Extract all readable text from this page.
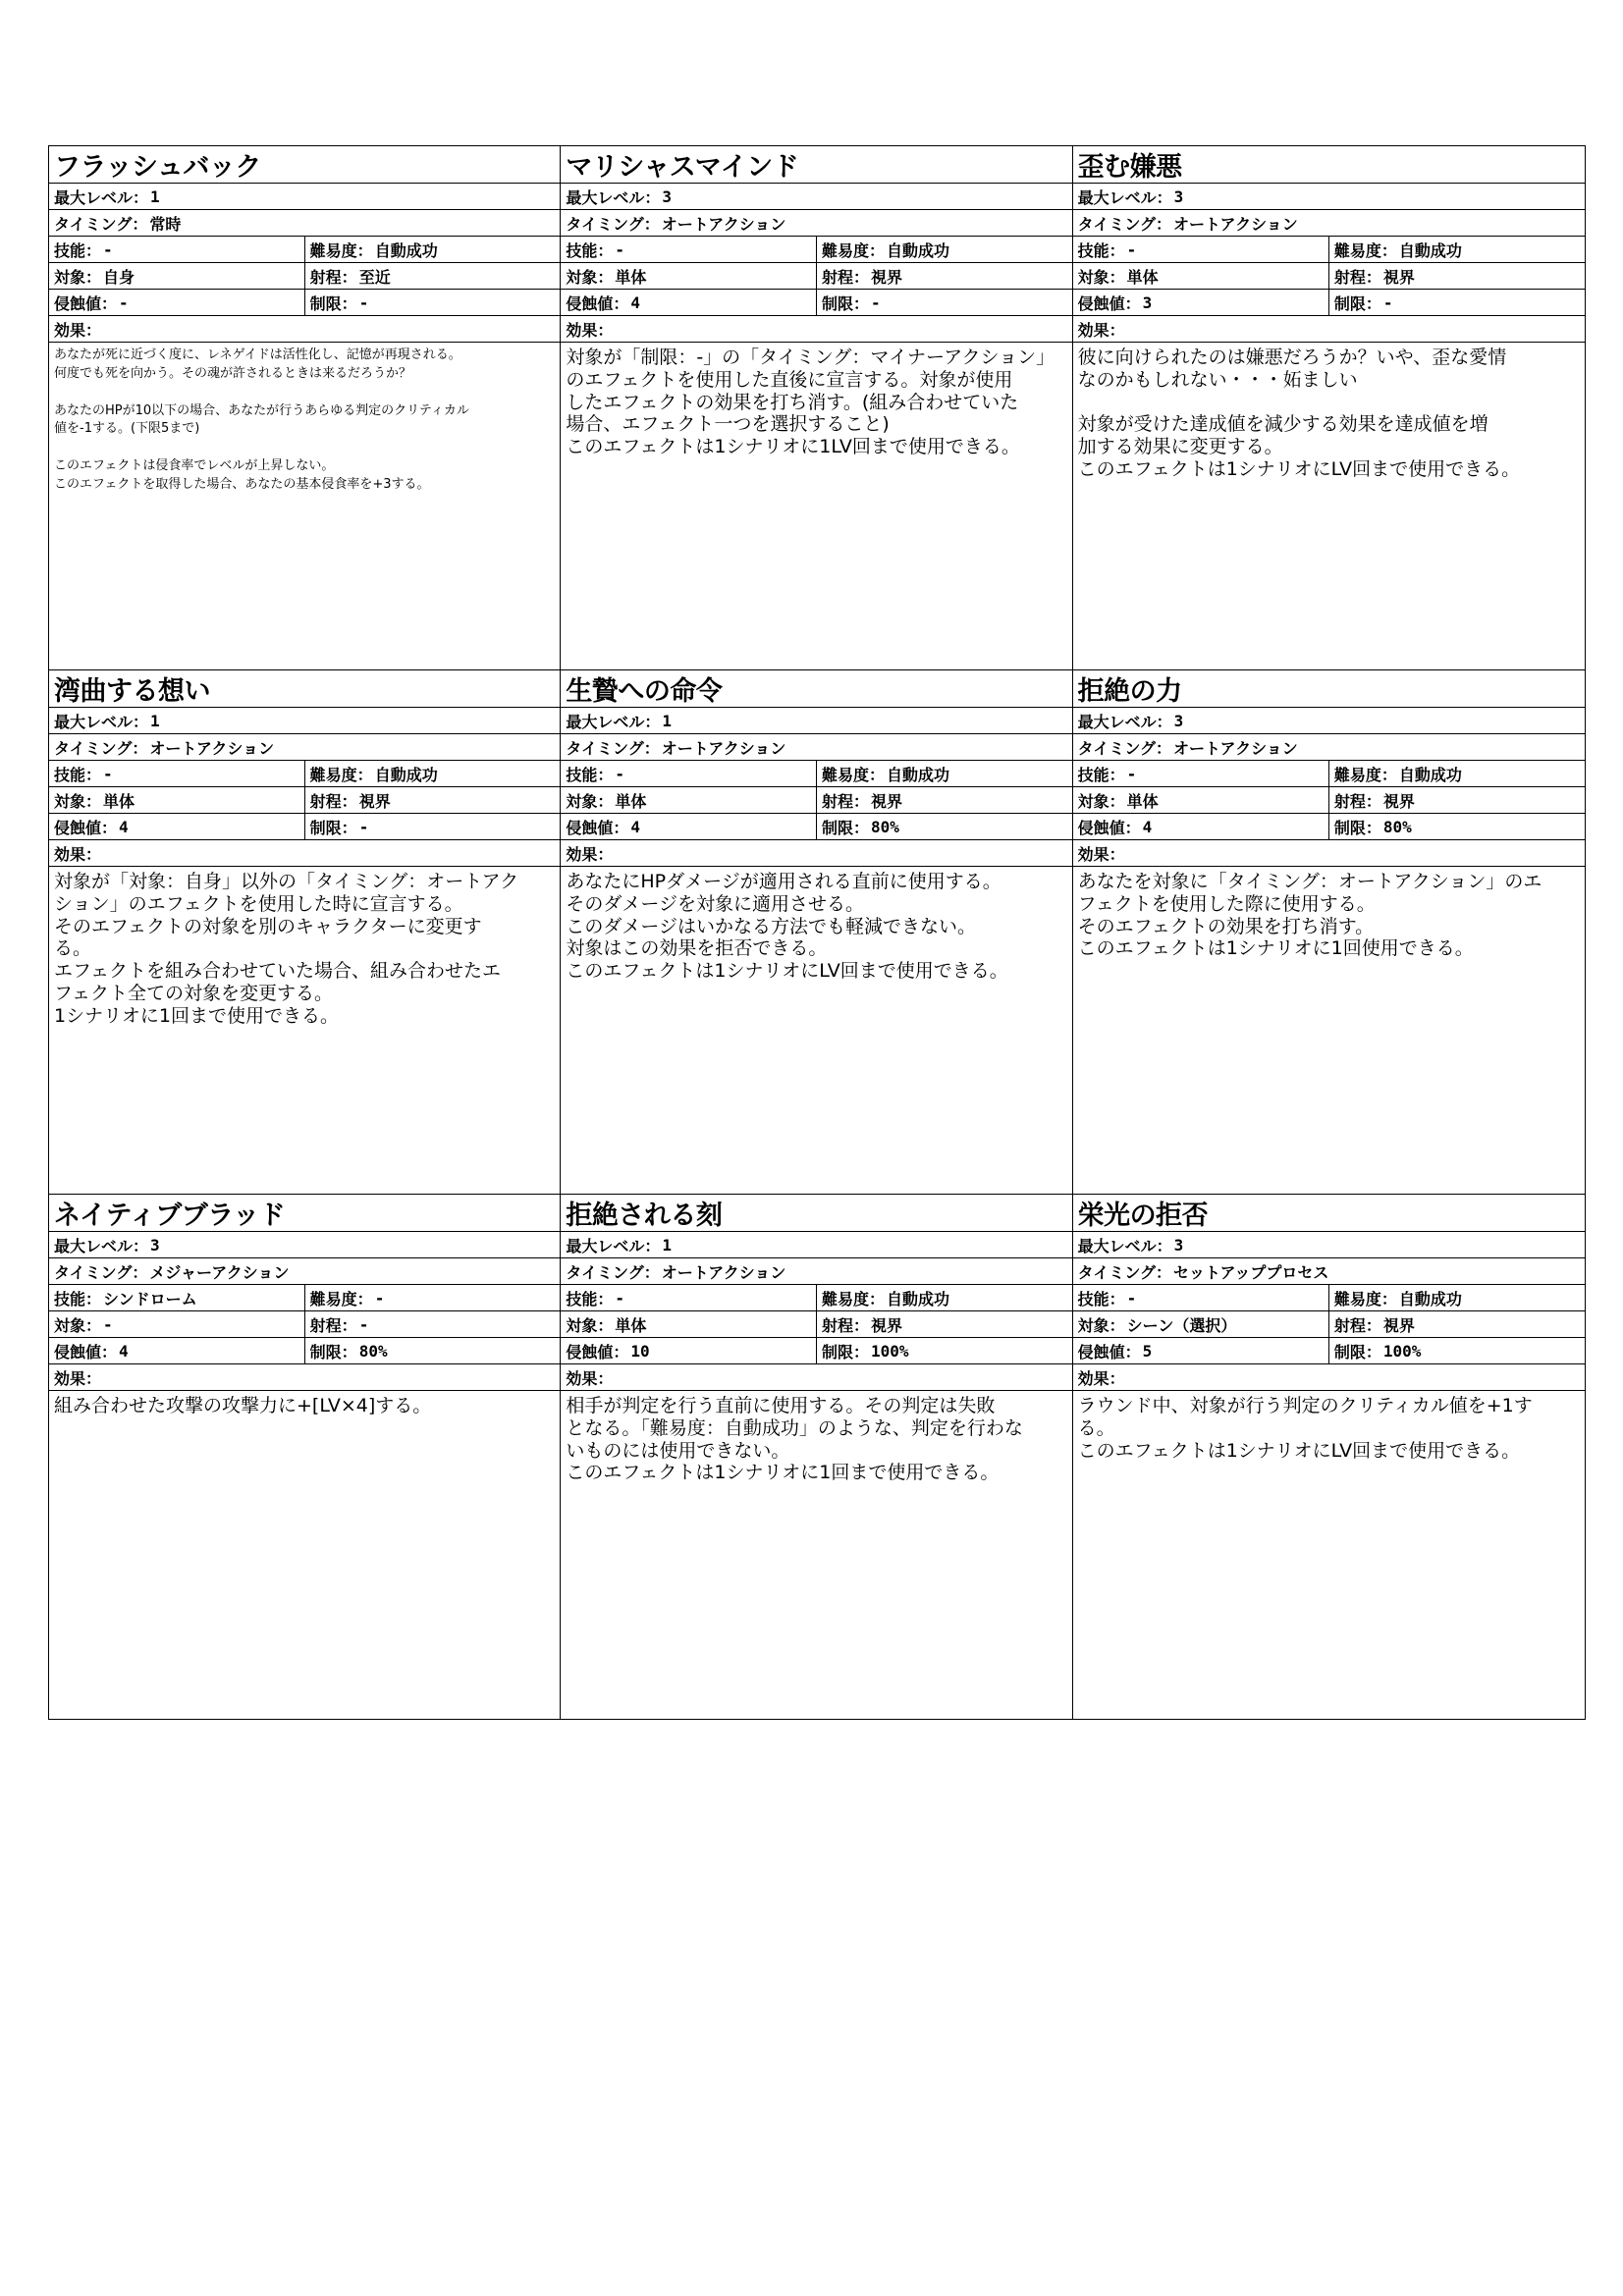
フラッシュバック
最大レベル： 1
タイミング： 常時
技能： -	難易度： 自動成功
対象： 自身	射程： 至近
侵蝕値： -	制限： -
効果：
あなたが死に近づく度に、レネゲイドは活性化し、記憶が再現される。
何度でも死を向かう。その魂が許されるときは来るだろうか？

あなたのHPが10以下の場合、あなたが行うあらゆる判定のクリティカル
値を-1する。(下限5まで)

このエフェクトは侵食率でレベルが上昇しない。
このエフェクトを取得した場合、あなたの基本侵食率を+3する。
マリシャスマインド
最大レベル： 3
タイミング： オートアクション
技能： -	難易度： 自動成功
対象： 単体	射程： 視界
侵蝕値： 4	制限： -
効果：
対象が「制限：-」の「タイミング：マイナーアクション」
のエフェクトを使用した直後に宣言する。対象が使用
したエフェクトの効果を打ち消す。(組み合わせていた
場合、エフェクト一つを選択すること)
このエフェクトは1シナリオに1LV回まで使用できる。
歪む嫌悪
最大レベル： 3
タイミング： オートアクション
技能： -	難易度： 自動成功
対象： 単体	射程： 視界
侵蝕値： 3	制限： -
効果：
彼に向けられたのは嫌悪だろうか？いや、歪な愛情
なのかもしれない・・・妬ましい

対象が受けた達成値を減少する効果を達成値を増
加する効果に変更する。
このエフェクトは1シナリオにLV回まで使用できる。
湾曲する想い
最大レベル： 1
タイミング： オートアクション
技能： -	難易度： 自動成功
対象： 単体	射程： 視界
侵蝕値： 4	制限： -
効果：
対象が「対象：自身」以外の「タイミング：オートアク
ション」のエフェクトを使用した時に宣言する。
そのエフェクトの対象を別のキャラクターに変更す
る。
エフェクトを組み合わせていた場合、組み合わせたエ
フェクト全ての対象を変更する。
1シナリオに1回まで使用できる。
生贄への命令
最大レベル： 1
タイミング： オートアクション
技能： -	難易度： 自動成功
対象： 単体	射程： 視界
侵蝕値： 4	制限： 80%
効果：
あなたにHPダメージが適用される直前に使用する。
そのダメージを対象に適用させる。
このダメージはいかなる方法でも軽減できない。
対象はこの効果を拒否できる。
このエフェクトは1シナリオにLV回まで使用できる。
拒絶の力
最大レベル： 3
タイミング： オートアクション
技能： -	難易度： 自動成功
対象： 単体	射程： 視界
侵蝕値： 4	制限： 80%
効果：
あなたを対象に「タイミング：オートアクション」のエ
フェクトを使用した際に使用する。
そのエフェクトの効果を打ち消す。
このエフェクトは1シナリオに1回使用できる。
ネイティブブラッド
最大レベル： 3
タイミング： メジャーアクション
技能： シンドローム	難易度： -
対象： -	射程： -
侵蝕値： 4	制限： 80%
効果：
組み合わせた攻撃の攻撃力に+[LV×4]する。
拒絶される刻
最大レベル： 1
タイミング： オートアクション
技能： -	難易度： 自動成功
対象： 単体	射程： 視界
侵蝕値： 10	制限： 100%
効果：
相手が判定を行う直前に使用する。その判定は失敗
となる。「難易度：自動成功」のような、判定を行わな
いものには使用できない。
このエフェクトは1シナリオに1回まで使用できる。
栄光の拒否
最大レベル： 3
タイミング： セットアッププロセス
技能： -	難易度： 自動成功
対象： シーン（選択）	射程： 視界
侵蝕値： 5	制限： 100%
効果：
ラウンド中、対象が行う判定のクリティカル値を+1す
る。
このエフェクトは1シナリオにLV回まで使用できる。
